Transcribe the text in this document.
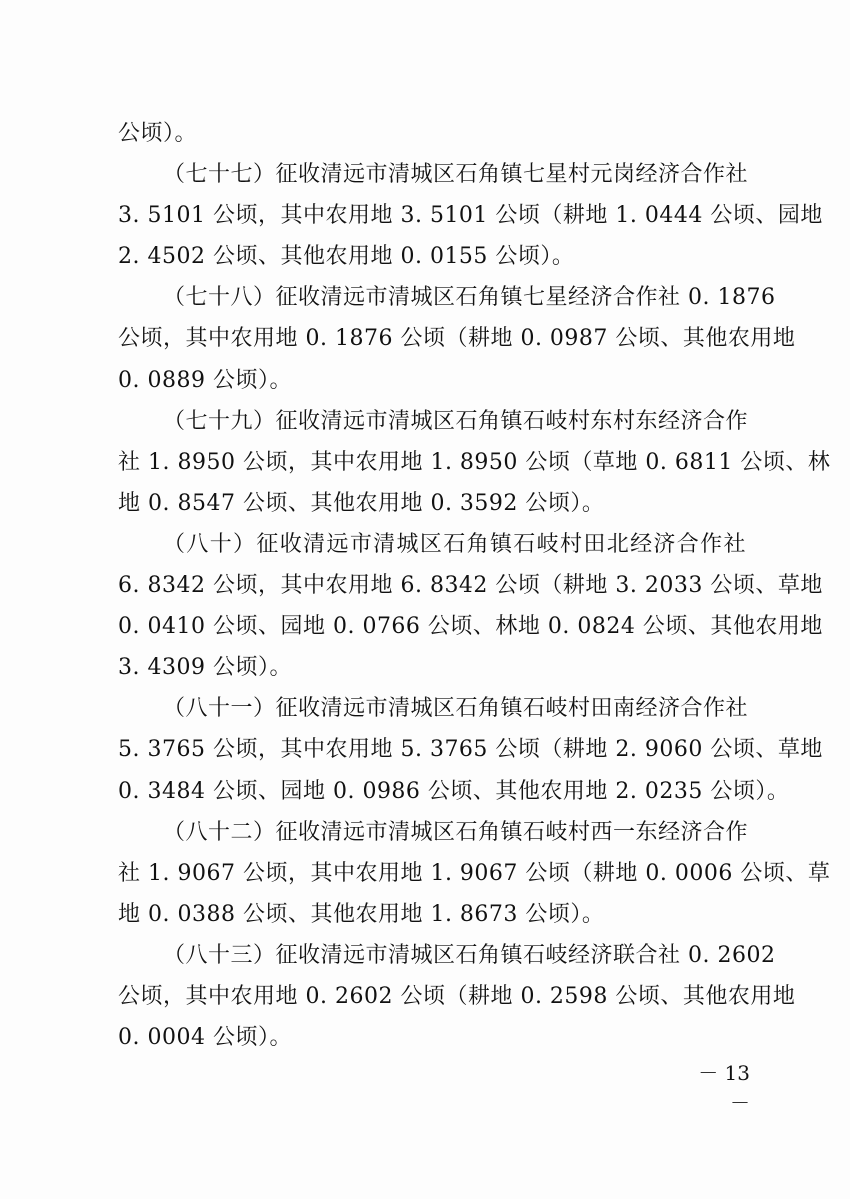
公顷）。
（七十七）征收清远市清城区石角镇七星村元岗经济合作社
3. 5101 公顷，其中农用地 3. 5101 公顷（耕地 1. 0444 公顷、园地
2. 4502 公顷、其他农用地 0. 0155 公顷）。
（七十八）征收清远市清城区石角镇七星经济合作社 0. 1876
公顷，其中农用地 0. 1876 公顷（耕地 0. 0987 公顷、其他农用地
0. 0889 公顷）。
（七十九）征收清远市清城区石角镇石岐村东村东经济合作
社 1. 8950 公顷，其中农用地 1. 8950 公顷（草地 0. 6811 公顷、林
地 0. 8547 公顷、其他农用地 0. 3592 公顷）。
（八十）征收清远市清城区石角镇石岐村田北经济合作社
6. 8342 公顷，其中农用地 6. 8342 公顷（耕地 3. 2033 公顷、草地
0. 0410 公顷、园地 0. 0766 公顷、林地 0. 0824 公顷、其他农用地
3. 4309 公顷）。
（八十一）征收清远市清城区石角镇石岐村田南经济合作社
5. 3765 公顷，其中农用地 5. 3765 公顷（耕地 2. 9060 公顷、草地
0. 3484 公顷、园地 0. 0986 公顷、其他农用地 2. 0235 公顷）。
（八十二）征收清远市清城区石角镇石岐村西一东经济合作
社 1. 9067 公顷，其中农用地 1. 9067 公顷（耕地 0. 0006 公顷、草
地 0. 0388 公顷、其他农用地 1. 8673 公顷）。
（八十三）征收清远市清城区石角镇石岐经济联合社 0. 2602
公顷，其中农用地 0. 2602 公顷（耕地 0. 2598 公顷、其他农用地
0. 0004 公顷）。
－ 13 －
